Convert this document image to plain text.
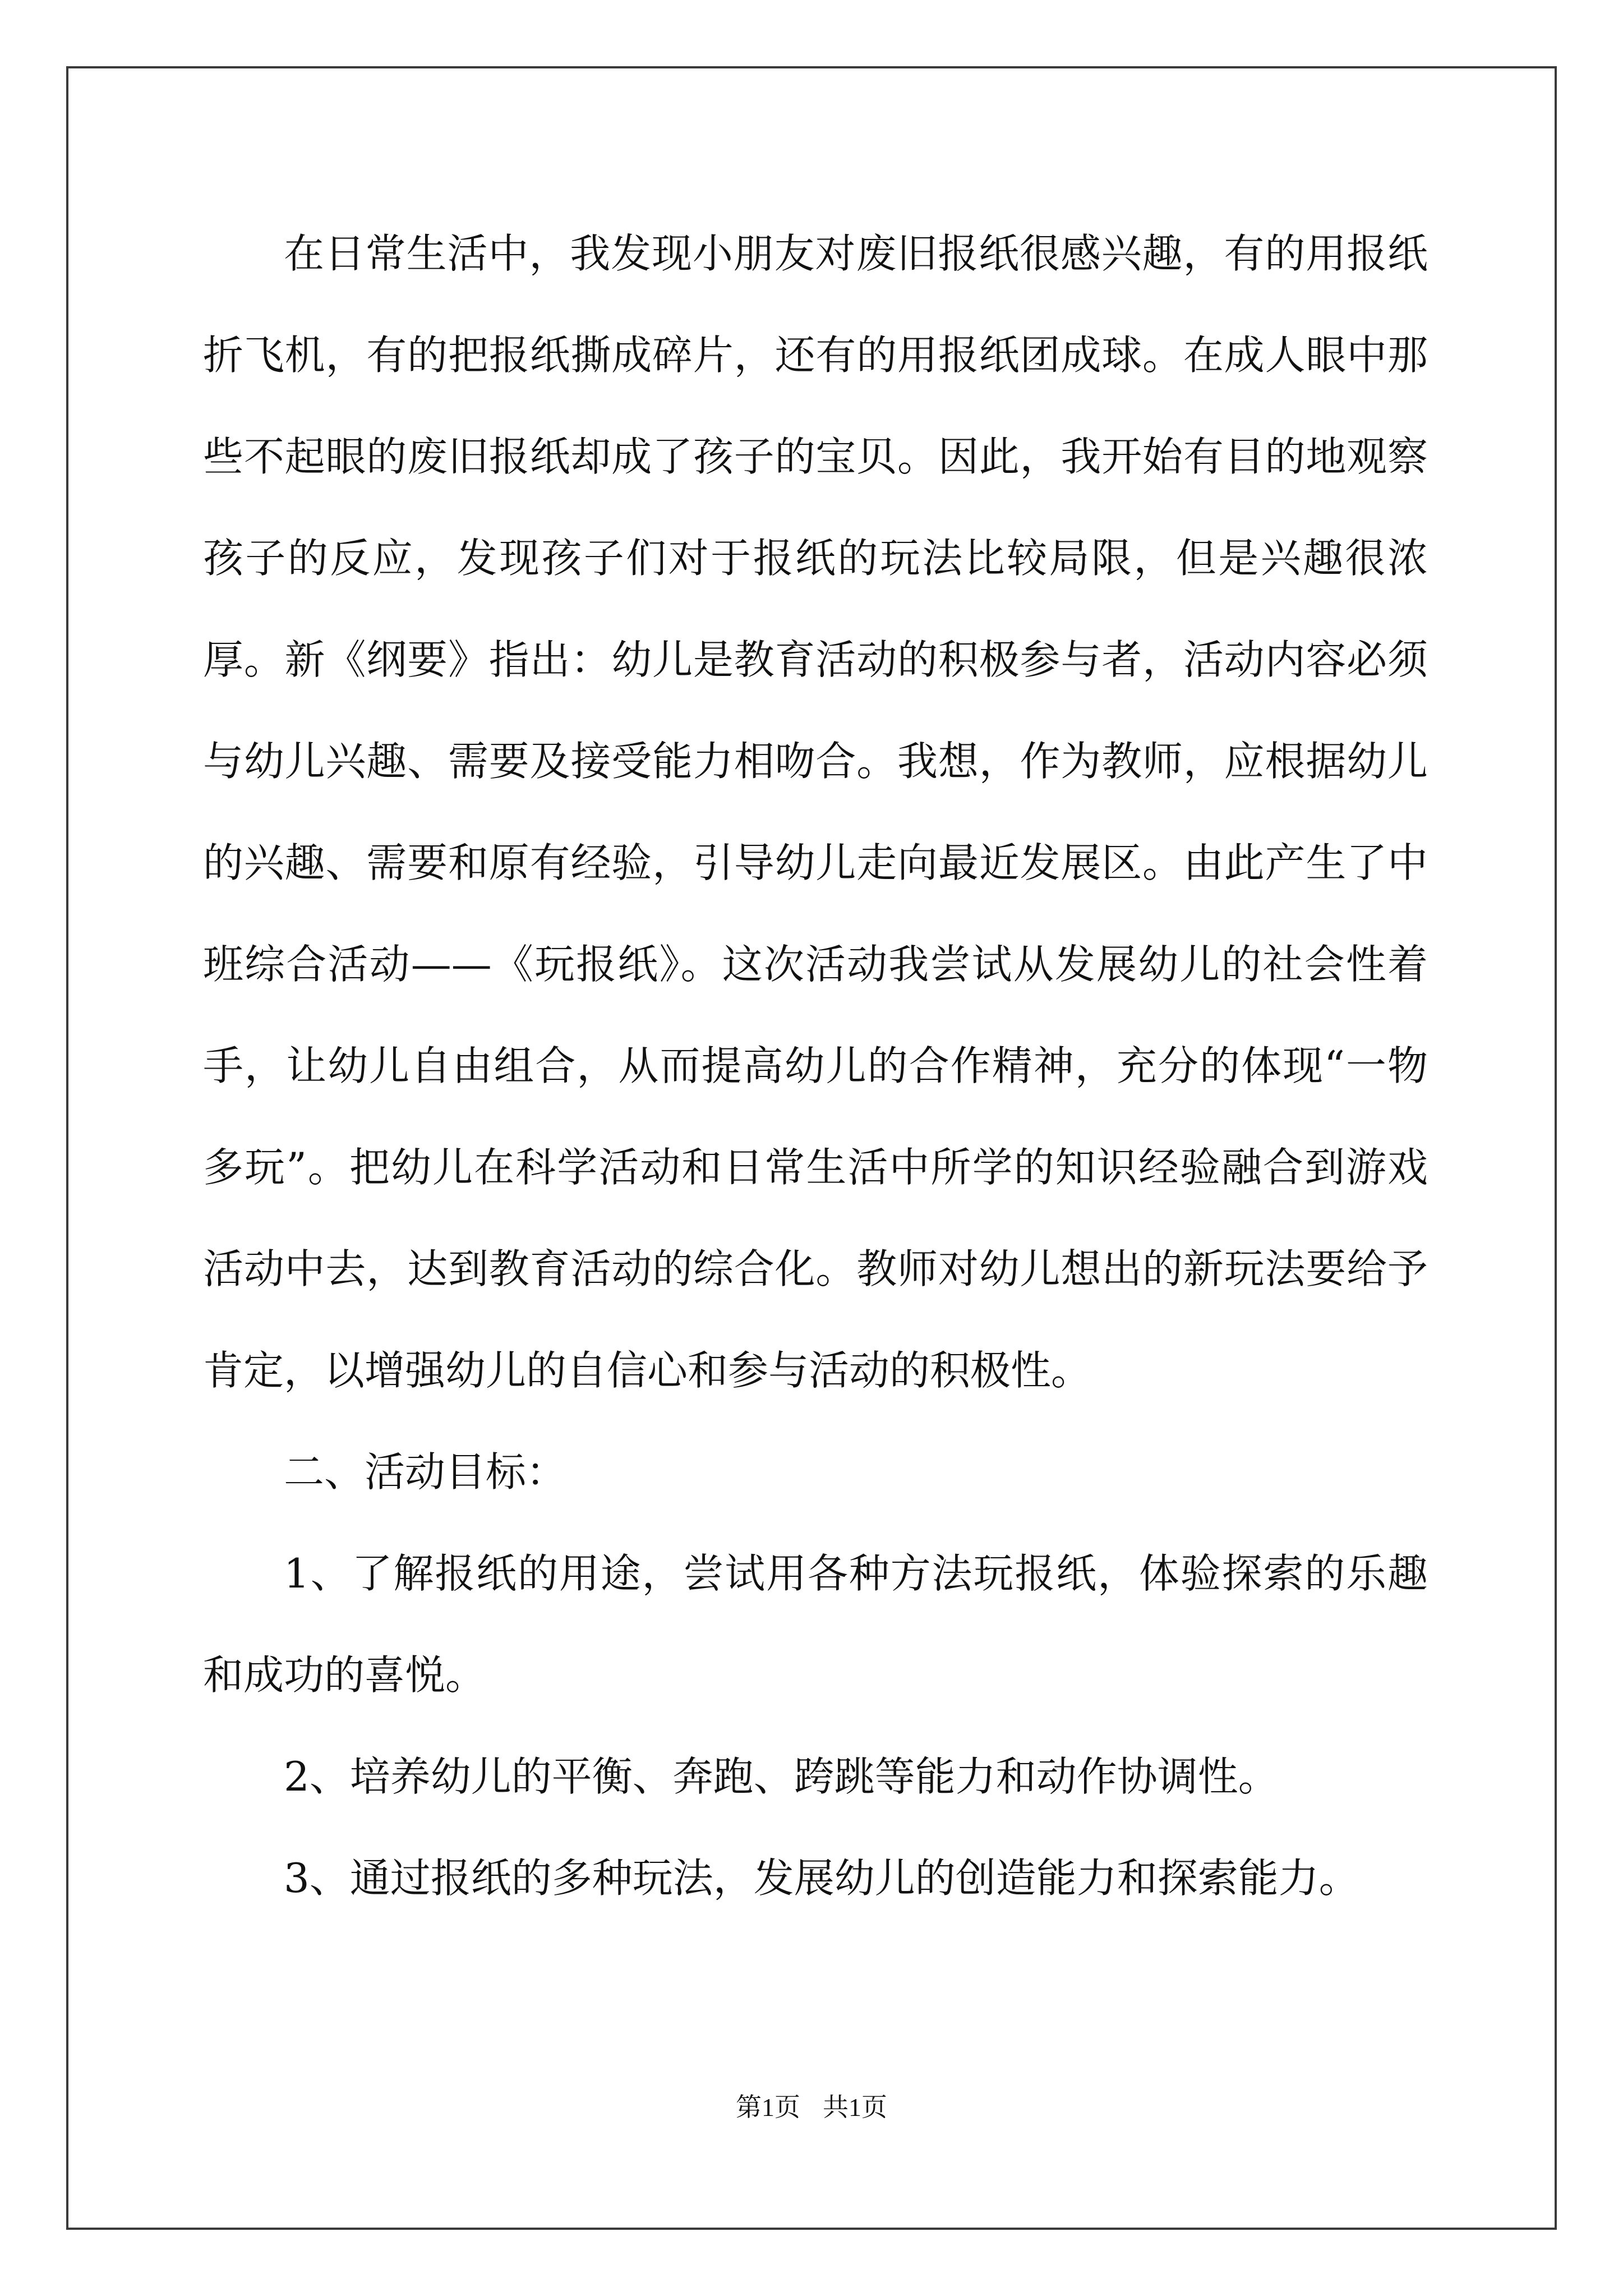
在日常生活中，我发现小朋友对废旧报纸很感兴趣，有的用报纸折飞机，有的把报纸撕成碎片，还有的用报纸团成球。在成人眼中那些不起眼的废旧报纸却成了孩子的宝贝。因此，我开始有目的地观察孩子的反应，发现孩子们对于报纸的玩法比较局限，但是兴趣很浓厚。新《纲要》指出：幼儿是教育活动的积极参与者，活动内容必须与幼儿兴趣、需要及接受能力相吻合。我想，作为教师，应根据幼儿的兴趣、需要和原有经验，引导幼儿走向最近发展区。由此产生了中班综合活动——《玩报纸》。这次活动我尝试从发展幼儿的社会性着手，让幼儿自由组合，从而提高幼儿的合作精神，充分的体现“一物多玩”。把幼儿在科学活动和日常生活中所学的知识经验融合到游戏活动中去，达到教育活动的综合化。教师对幼儿想出的新玩法要给予肯定，以增强幼儿的自信心和参与活动的积极性。

二、活动目标：

1、了解报纸的用途，尝试用各种方法玩报纸，体验探索的乐趣和成功的喜悦。

2、培养幼儿的平衡、奔跑、跨跳等能力和动作协调性。

3、通过报纸的多种玩法，发展幼儿的创造能力和探索能力。

第1页 共1页
